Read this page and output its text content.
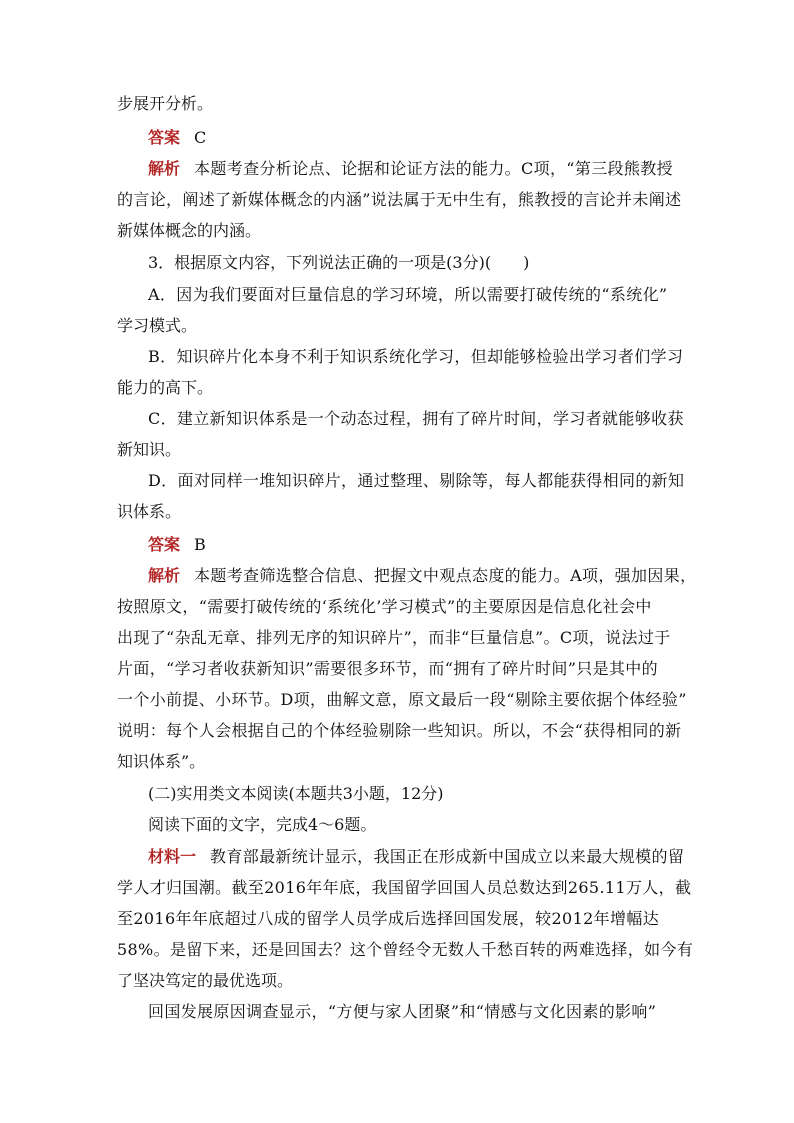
步展开分析。
答案 C
解析 本题考查分析论点、论据和论证方法的能力。C项，“第三段熊教授
的言论，阐述了新媒体概念的内涵”说法属于无中生有，熊教授的言论并未阐述
新媒体概念的内涵。
3．根据原文内容，下列说法正确的一项是(3分)(　　)
A．因为我们要面对巨量信息的学习环境，所以需要打破传统的“系统化”
学习模式。
B．知识碎片化本身不利于知识系统化学习，但却能够检验出学习者们学习
能力的高下。
C．建立新知识体系是一个动态过程，拥有了碎片时间，学习者就能够收获
新知识。
D．面对同样一堆知识碎片，通过整理、剔除等，每人都能获得相同的新知
识体系。
答案 B
解析 本题考查筛选整合信息、把握文中观点态度的能力。A项，强加因果，
按照原文，“需要打破传统的‘系统化’学习模式”的主要原因是信息化社会中
出现了“杂乱无章、排列无序的知识碎片”，而非“巨量信息”。C项，说法过于
片面，“学习者收获新知识”需要很多环节，而“拥有了碎片时间”只是其中的
一个小前提、小环节。D项，曲解文意，原文最后一段“剔除主要依据个体经验”
说明：每个人会根据自己的个体经验剔除一些知识。所以，不会“获得相同的新
知识体系”。
(二)实用类文本阅读(本题共3小题，12分)
阅读下面的文字，完成4～6题。
材料一 教育部最新统计显示，我国正在形成新中国成立以来最大规模的留
学人才归国潮。截至2016年年底，我国留学回国人员总数达到265.11万人，截
至2016年年底超过八成的留学人员学成后选择回国发展，较2012年增幅达
58%。是留下来，还是回国去？这个曾经令无数人千愁百转的两难选择，如今有
了坚决笃定的最优选项。
回国发展原因调查显示，“方便与家人团聚”和“情感与文化因素的影响”
